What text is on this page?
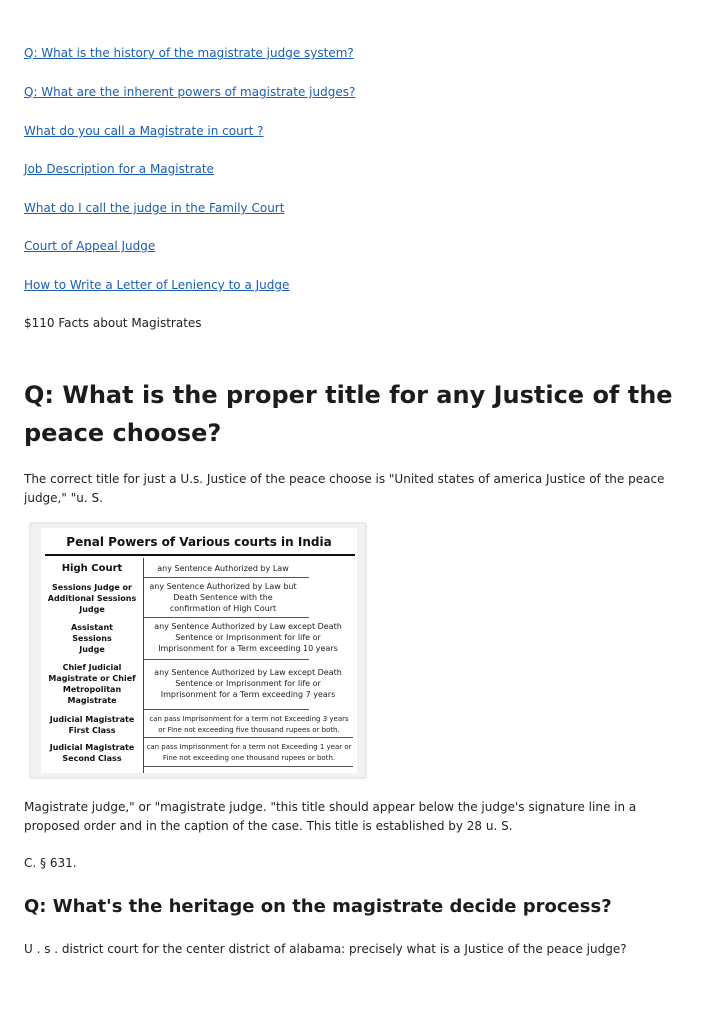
Q: What is the history of the magistrate judge system?
Q: What are the inherent powers of magistrate judges?
What do you call a Magistrate in court ?
Job Description for a Magistrate
What do I call the judge in the Family Court
Court of Appeal Judge
How to Write a Letter of Leniency to a Judge
$110 Facts about Magistrates
Q: What is the proper title for any Justice of the peace choose?

The correct title for just a U.s. Justice of the peace choose is "United states of america Justice of the peace judge," "u. S.

Penal Powers of Various courts in India
High Court	any Sentence Authorized by Law
Sessions Judge or Additional Sessions Judge
any Sentence Authorized by Law but Death Sentence with the confirmation of High Court
Assistant Sessions Judge
any Sentence Authorized by Law except Death Sentence or Imprisonment for life or Imprisonment for a Term exceeding 10 years
Chief Judicial Magistrate or Chief Metropolitan Magistrate
any Sentence Authorized by Law except Death Sentence or Imprisonment for life or Imprisonment for a Term exceeding 7 years
Judicial Magistrate First Class
can pass Imprisonment for a term not Exceeding 3 years or Fine not exceeding five thousand rupees or both.
Judicial Magistrate Second Class
can pass Imprisonment for a term not Exceeding 1 year or Fine not exceeding one thousand rupees or both.

Magistrate judge," or "magistrate judge. "this title should appear below the judge's signature line in a proposed order and in the caption of the case. This title is established by 28 u. S.

C. § 631.

Q: What's the heritage on the magistrate decide process?

U . s . district court for the center district of alabama: precisely what is a Justice of the peace judge?
